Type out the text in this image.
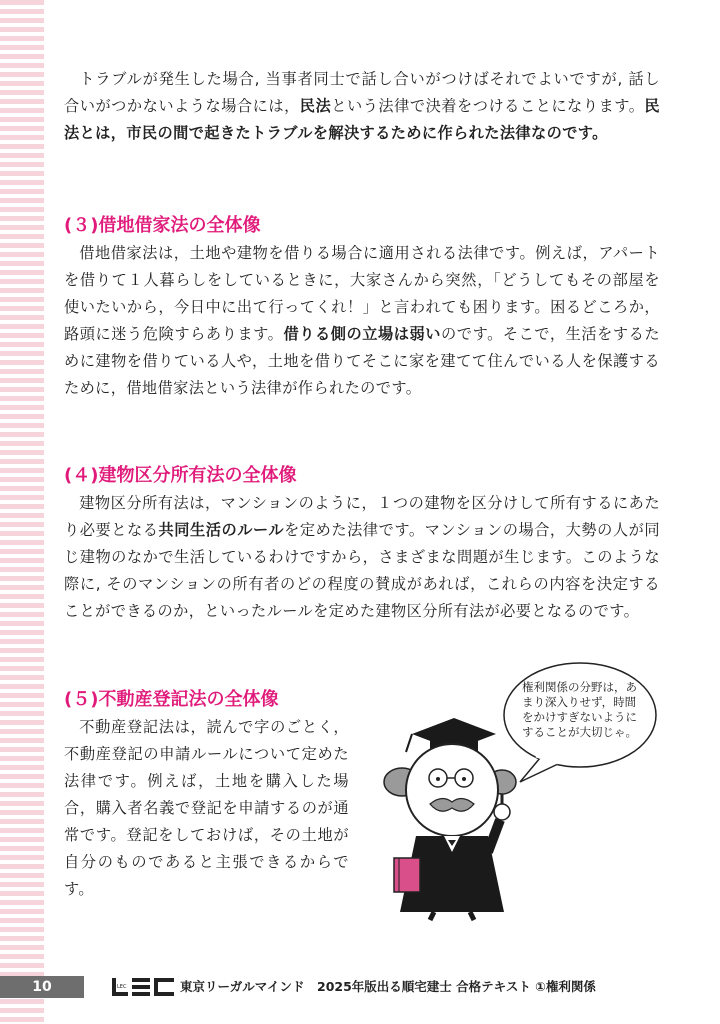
トラブルが発生した場合, 当事者同士で話し合いがつけばそれでよいですが, 話し合いがつかないような場合には，民法という法律で決着をつけることになります。民法とは，市民の間で起きたトラブルを解決するために作られた法律なのです。

(３)借地借家法の全体像

借地借家法は，土地や建物を借りる場合に適用される法律です。例えば，アパートを借りて１人暮らしをしているときに，大家さんから突然，「どうしてもその部屋を使いたいから，今日中に出て行ってくれ！」と言われても困ります。困るどころか，路頭に迷う危険すらあります。借りる側の立場は弱いのです。そこで，生活をするために建物を借りている人や，土地を借りてそこに家を建てて住んでいる人を保護するために，借地借家法という法律が作られたのです。

(４)建物区分所有法の全体像

建物区分所有法は，マンションのように，１つの建物を区分けして所有するにあたり必要となる共同生活のルールを定めた法律です。マンションの場合，大勢の人が同じ建物のなかで生活しているわけですから，さまざまな問題が生じます。このような際に, そのマンションの所有者のどの程度の賛成があれば，これらの内容を決定することができるのか，といったルールを定めた建物区分所有法が必要となるのです。

(５)不動産登記法の全体像

不動産登記法は，読んで字のごとく，不動産登記の申請ルールについて定めた法律です。例えば，土地を購入した場合，購入者名義で登記を申請するのが通常です。登記をしておけば，その土地が自分のものであると主張できるからです。

権利関係の分野は，あまり深入りせず，時間をかけすぎないようにすることが大切じゃ。
10	LEC	東京リーガルマインド　2025年版出る順宅建士 合格テキスト ①権利関係
